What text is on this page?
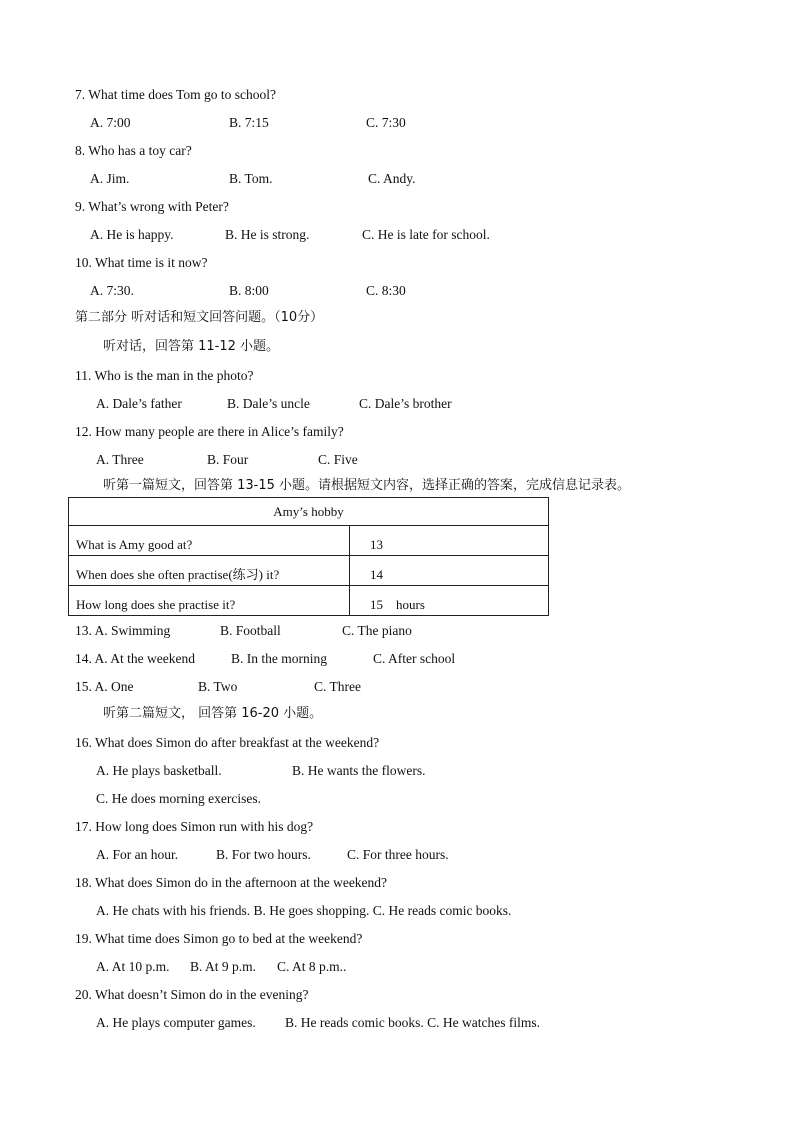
7. What time does Tom go to school?
A. 7:00	B. 7:15	C. 7:30
8. Who has a toy car?
A. Jim.	B. Tom.	C. Andy.
9. What’s wrong with Peter?
A. He is happy.	B. He is strong.	C. He is late for school.
10. What time is it now?
A. 7:30.	B. 8:00	C. 8:30
第二部分 听对话和短文回答问题。（10分）
听对话，回答第 11-12 小题。
11. Who is the man in the photo?
A. Dale’s father	B. Dale’s uncle	C. Dale’s brother
12. How many people are there in Alice’s family?
A. Three	B. Four	C. Five
听第一篇短文，回答第 13-15 小题。请根据短文内容，选择正确的答案，完成信息记录表。
Amy’s hobby	
What is Amy good at?	13
When does she often practise(练习) it?	14
How long does she practise it?	15    hours
13. A. Swimming	B. Football	C. The piano
14. A. At the weekend	B. In the morning	C. After school
15. A. One	B. Two	C. Three
听第二篇短文， 回答第 16-20 小题。
16. What does Simon do after breakfast at the weekend?
A. He plays basketball.	B. He wants the flowers.
C. He does morning exercises.
17. How long does Simon run with his dog?
A. For an hour.	B. For two hours.	C. For three hours.
18. What does Simon do in the afternoon at the weekend?
A. He chats with his friends. B. He goes shopping. C. He reads comic books.
19. What time does Simon go to bed at the weekend?
A. At 10 p.m. B. At 9 p.m. C. At 8 p.m..
20. What doesn’t Simon do in the evening?
A. He plays computer games. B. He reads comic books. C. He watches films.
